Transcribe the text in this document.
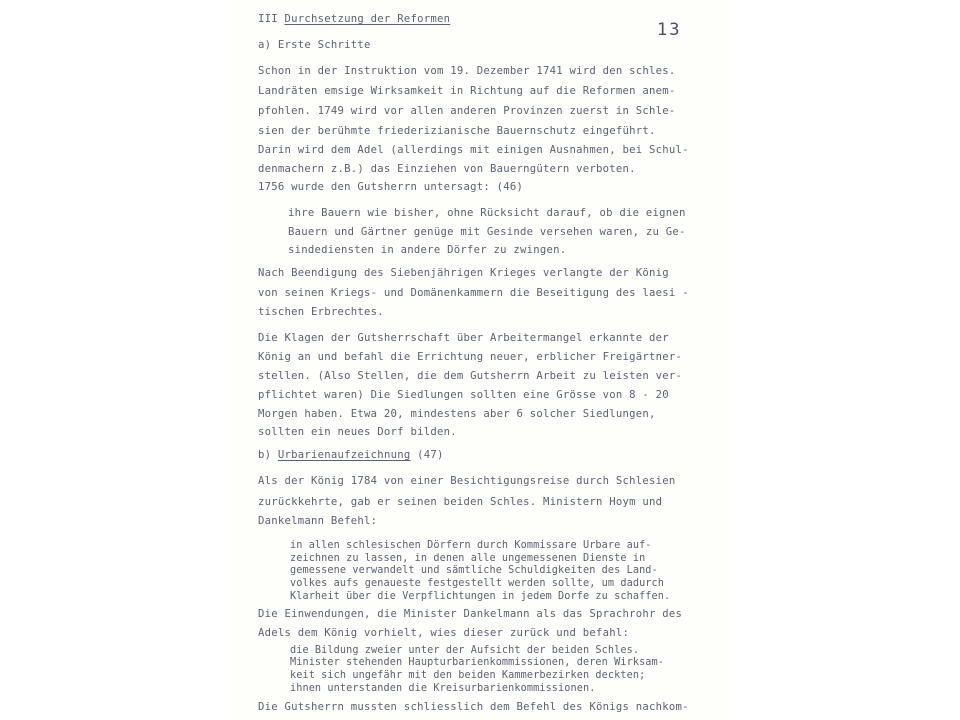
13
III Durchsetzung der Reformen
a) Erste Schritte
Schon in der Instruktion vom 19. Dezember 1741 wird den schles.
Landräten emsige Wirksamkeit in Richtung auf die Reformen anem-
pfohlen. 1749 wird vor allen anderen Provinzen zuerst in Schle-
sien der berühmte friederizianische Bauernschutz eingeführt.
Darin wird dem Adel (allerdings mit einigen Ausnahmen, bei Schul-
denmachern z.B.) das Einziehen von Bauerngütern verboten.
1756 wurde den Gutsherrn untersagt: (46)
ihre Bauern wie bisher, ohne Rücksicht darauf, ob die eignen
Bauern und Gärtner genüge mit Gesinde versehen waren, zu Ge-
sindediensten in andere Dörfer zu zwingen.
Nach Beendigung des Siebenjährigen Krieges verlangte der König
von seinen Kriegs- und Domänenkammern die Beseitigung des laesi -
tischen Erbrechtes.
Die Klagen der Gutsherrschaft über Arbeitermangel erkannte der
König an und befahl die Errichtung neuer, erblicher Freigärtner-
stellen. (Also Stellen, die dem Gutsherrn Arbeit zu leisten ver-
pflichtet waren) Die Siedlungen sollten eine Grösse von 8 - 20
Morgen haben. Etwa 20, mindestens aber 6 solcher Siedlungen,
sollten ein neues Dorf bilden.
b) Urbarienaufzeichnung (47)
Als der König 1784 von einer Besichtigungsreise durch Schlesien
zurückkehrte, gab er seinen beiden Schles. Ministern Hoym und
Dankelmann Befehl:
in allen schlesischen Dörfern durch Kommissare Urbare auf-
zeichnen zu lassen, in denen alle ungemessenen Dienste in
gemessene verwandelt und sämtliche Schuldigkeiten des Land-
volkes aufs genaueste festgestellt werden sollte, um dadurch
Klarheit über die Verpflichtungen in jedem Dorfe zu schaffen.
Die Einwendungen, die Minister Dankelmann als das Sprachrohr des
Adels dem König vorhielt, wies dieser zurück und befahl:
die Bildung zweier unter der Aufsicht der beiden Schles.
Minister stehenden Haupturbarienkommissionen, deren Wirksam-
keit sich ungefähr mit den beiden Kammerbezirken deckten;
ihnen unterstanden die Kreisurbarienkommissionen.
Die Gutsherrn mussten schliesslich dem Befehl des Königs nachkom-
